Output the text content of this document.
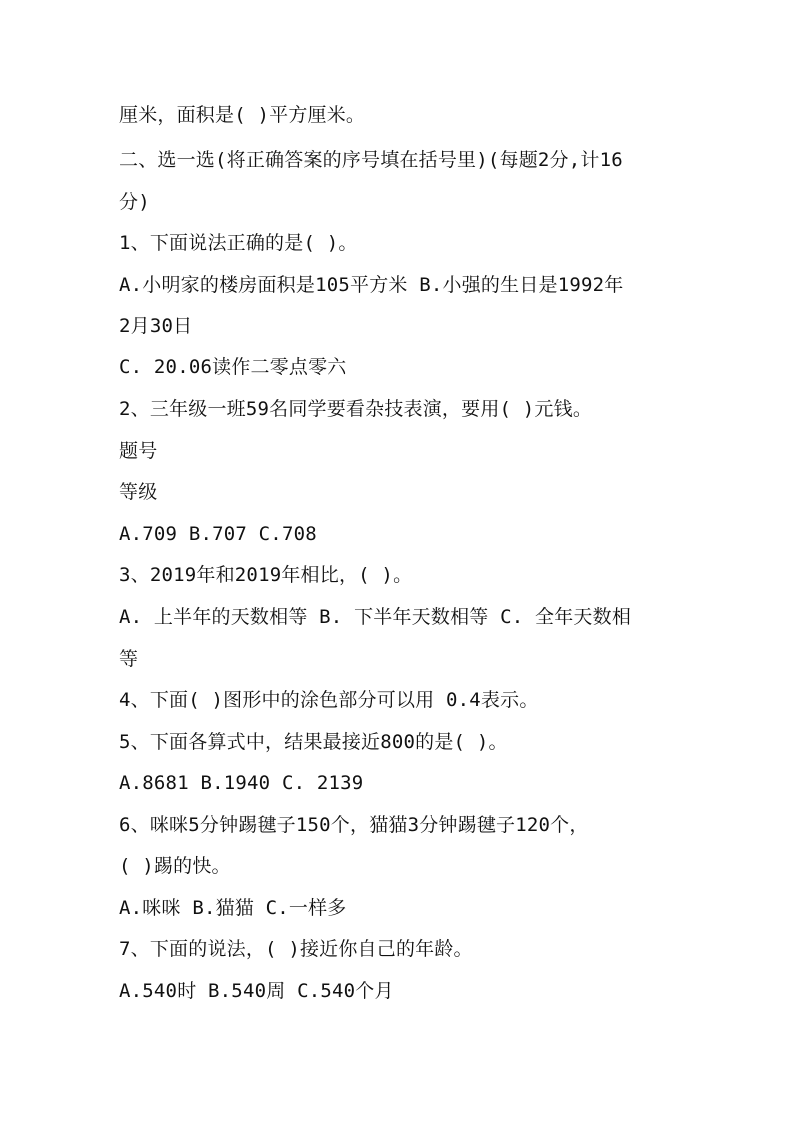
厘米，面积是( )平方厘米。
二、选一选(将正确答案的序号填在括号里)(每题2分,计16
分)
1、下面说法正确的是( )。
A.小明家的楼房面积是105平方米 B.小强的生日是1992年
2月30日
C. 20.06读作二零点零六
2、三年级一班59名同学要看杂技表演，要用( )元钱。
题号
等级
A.709 B.707 C.708
3、2019年和2019年相比，( )。
A. 上半年的天数相等 B. 下半年天数相等 C. 全年天数相
等
4、下面( )图形中的涂色部分可以用 0.4表示。
5、下面各算式中，结果最接近800的是( )。
A.8681 B.1940 C. 2139
6、咪咪5分钟踢毽子150个，猫猫3分钟踢毽子120个，
( )踢的快。
A.咪咪 B.猫猫 C.一样多
7、下面的说法，( )接近你自己的年龄。
A.540时 B.540周 C.540个月
